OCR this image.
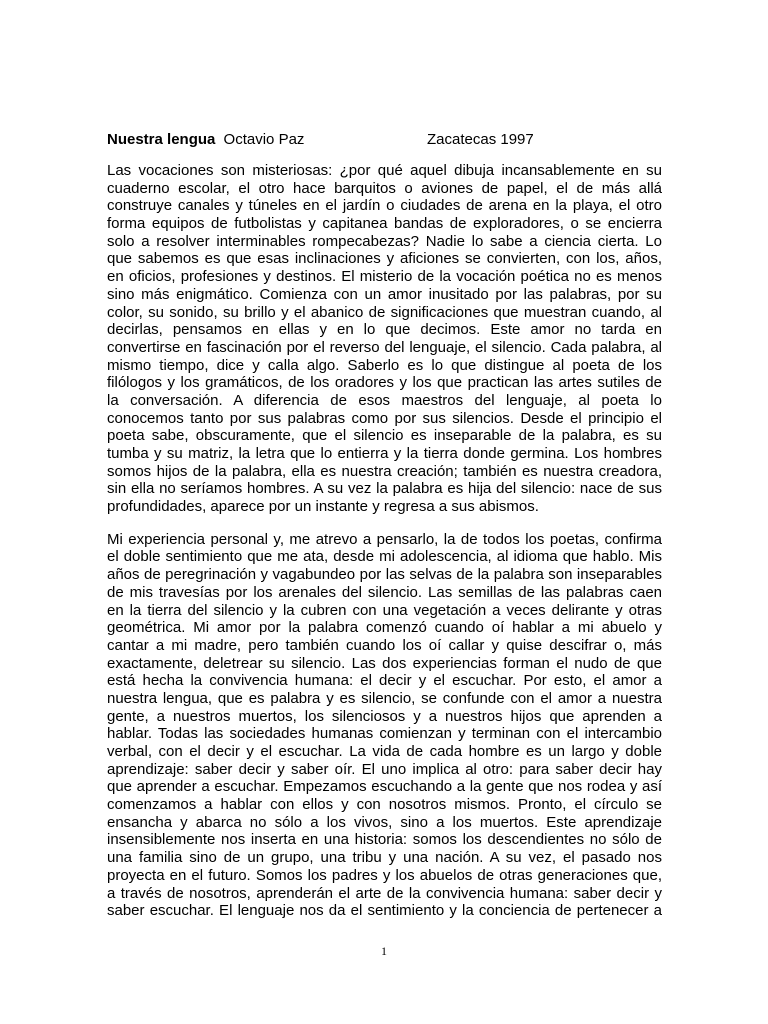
Nuestra lengua Octavio Paz	Zacatecas 1997
Las vocaciones son misteriosas: ¿por qué aquel dibuja incansablemente en su
cuaderno escolar, el otro hace barquitos o aviones de papel, el de más allá
construye canales y túneles en el jardín o ciudades de arena en la playa, el otro
forma equipos de futbolistas y capitanea bandas de exploradores, o se encierra
solo a resolver interminables rompecabezas? Nadie lo sabe a ciencia cierta. Lo
que sabemos es que esas inclinaciones y aficiones se convierten, con los, años,
en oficios, profesiones y destinos. El misterio de la vocación poética no es menos
sino más enigmático. Comienza con un amor inusitado por las palabras, por su
color, su sonido, su brillo y el abanico de significaciones que muestran cuando, al
decirlas, pensamos en ellas y en lo que decimos. Este amor no tarda en
convertirse en fascinación por el reverso del lenguaje, el silencio. Cada palabra, al
mismo tiempo, dice y calla algo. Saberlo es lo que distingue al poeta de los
filólogos y los gramáticos, de los oradores y los que practican las artes sutiles de
la conversación. A diferencia de esos maestros del lenguaje, al poeta lo
conocemos tanto por sus palabras como por sus silencios. Desde el principio el
poeta sabe, obscuramente, que el silencio es inseparable de la palabra, es su
tumba y su matriz, la letra que lo entierra y la tierra donde germina. Los hombres
somos hijos de la palabra, ella es nuestra creación; también es nuestra creadora,
sin ella no seríamos hombres. A su vez la palabra es hija del silencio: nace de sus
profundidades, aparece por un instante y regresa a sus abismos.
Mi experiencia personal y, me atrevo a pensarlo, la de todos los poetas, confirma
el doble sentimiento que me ata, desde mi adolescencia, al idioma que hablo. Mis
años de peregrinación y vagabundeo por las selvas de la palabra son inseparables
de mis travesías por los arenales del silencio. Las semillas de las palabras caen
en la tierra del silencio y la cubren con una vegetación a veces delirante y otras
geométrica. Mi amor por la palabra comenzó cuando oí hablar a mi abuelo y
cantar a mi madre, pero también cuando los oí callar y quise descifrar o, más
exactamente, deletrear su silencio. Las dos experiencias forman el nudo de que
está hecha la convivencia humana: el decir y el escuchar. Por esto, el amor a
nuestra lengua, que es palabra y es silencio, se confunde con el amor a nuestra
gente, a nuestros muertos, los silenciosos y a nuestros hijos que aprenden a
hablar. Todas las sociedades humanas comienzan y terminan con el intercambio
verbal, con el decir y el escuchar. La vida de cada hombre es un largo y doble
aprendizaje: saber decir y saber oír. El uno implica al otro: para saber decir hay
que aprender a escuchar. Empezamos escuchando a la gente que nos rodea y así
comenzamos a hablar con ellos y con nosotros mismos. Pronto, el círculo se
ensancha y abarca no sólo a los vivos, sino a los muertos. Este aprendizaje
insensiblemente nos inserta en una historia: somos los descendientes no sólo de
una familia sino de un grupo, una tribu y una nación. A su vez, el pasado nos
proyecta en el futuro. Somos los padres y los abuelos de otras generaciones que,
a través de nosotros, aprenderán el arte de la convivencia humana: saber decir y
saber escuchar. El lenguaje nos da el sentimiento y la conciencia de pertenecer a
1
